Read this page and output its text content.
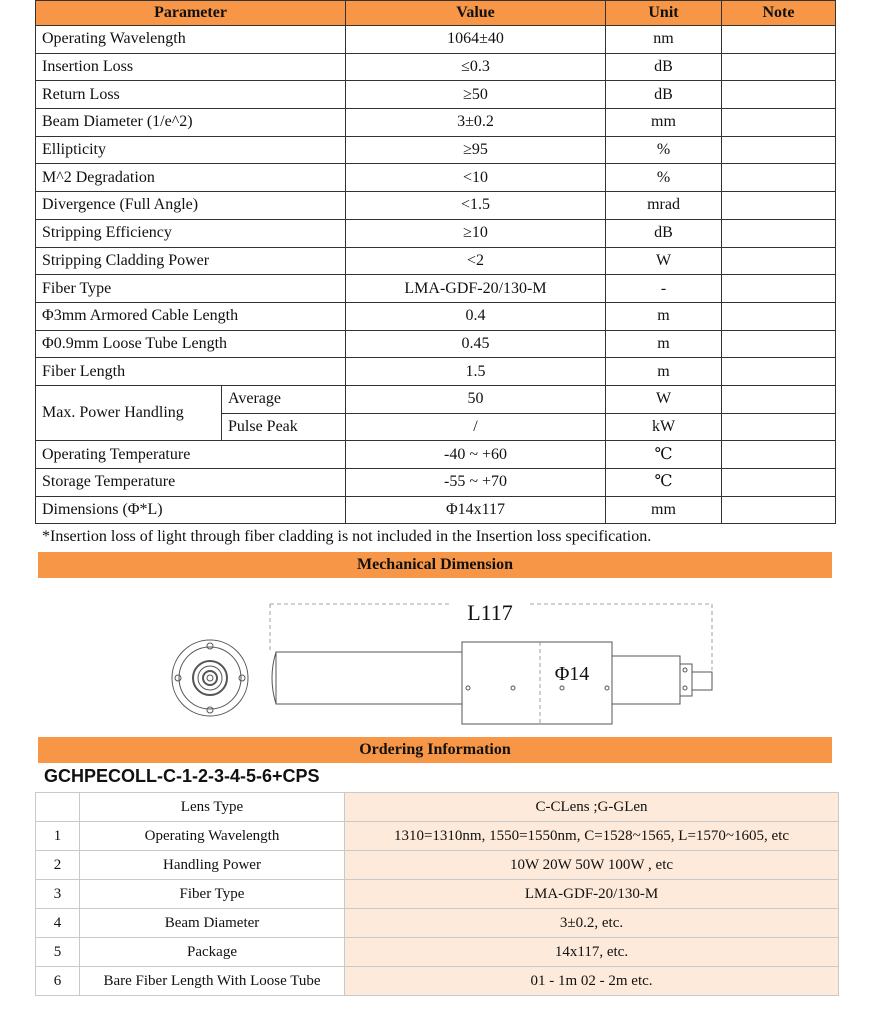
Parameter		Value	Unit	Note
Operating Wavelength		1064±40	nm	
Insertion Loss		≤0.3	dB	
Return Loss		≥50	dB	
Beam Diameter (1/e^2)		3±0.2	mm	
Ellipticity		≥95	%	
M^2 Degradation		<10	%	
Divergence (Full Angle)		<1.5	mrad	
Stripping Efficiency		≥10	dB	
Stripping Cladding Power		<2	W	
Fiber Type		LMA-GDF-20/130-M	-	
Φ3mm Armored Cable Length		0.4	m	
Φ0.9mm Loose Tube Length		0.45	m	
Fiber Length		1.5	m	
Max. Power Handling	Average	50	W	
	Pulse Peak	/	kW	
Operating Temperature		-40 ~ +60	℃	
Storage Temperature		-55 ~ +70	℃	
Dimensions (Φ*L)		Φ14x117	mm	
*Insertion loss of light through fiber cladding is not included in the Insertion loss specification.
Mechanical Dimension
L117
Φ14
Ordering Information
GCHPECOLL-C-1-2-3-4-5-6+CPS
	Lens Type	C-CLens ;G-GLen
1	Operating Wavelength	1310=1310nm, 1550=1550nm, C=1528~1565, L=1570~1605, etc
2	Handling Power	10W 20W 50W 100W , etc
3	Fiber Type	LMA-GDF-20/130-M
4	Beam Diameter	3±0.2, etc.
5	Package	14x117, etc.
6	Bare Fiber Length With Loose Tube	01 - 1m 02 - 2m etc.
